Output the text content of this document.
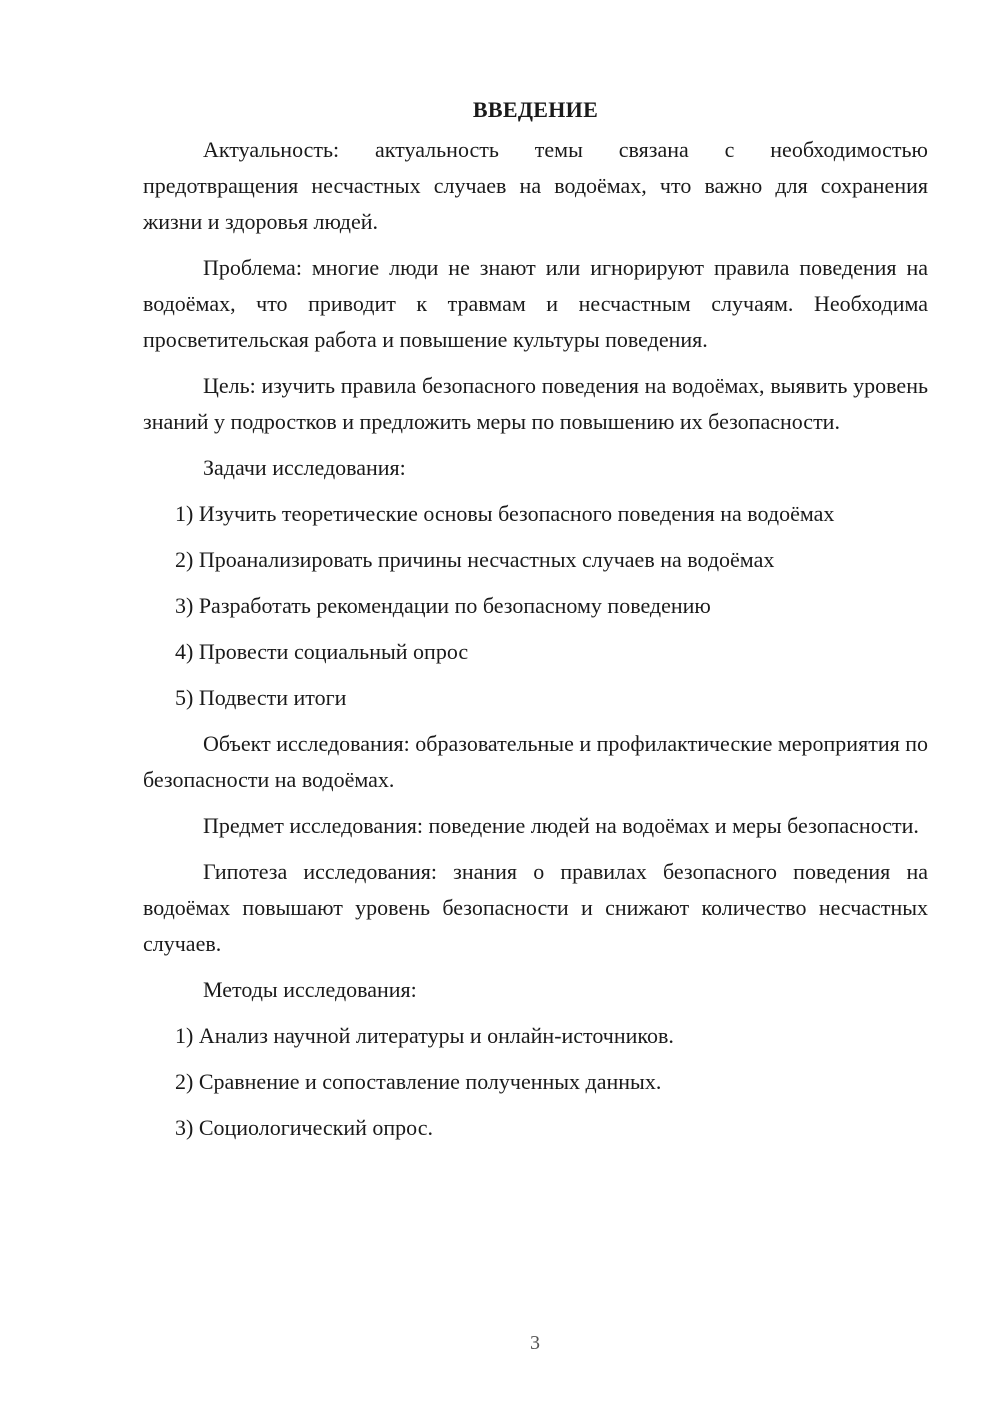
ВВЕДЕНИЕ

Актуальность: актуальность темы связана с необходимостью предотвращения несчастных случаев на водоёмах, что важно для сохранения жизни и здоровья людей.

Проблема: многие люди не знают или игнорируют правила поведения на водоёмах, что приводит к травмам и несчастным случаям. Необходима просветительская работа и повышение культуры поведения.

Цель: изучить правила безопасного поведения на водоёмах, выявить уровень знаний у подростков и предложить меры по повышению их безопасности.

Задачи исследования:

1) Изучить теоретические основы безопасного поведения на водоёмах
2) Проанализировать причины несчастных случаев на водоёмах
3) Разработать рекомендации по безопасному поведению
4) Провести социальный опрос
5) Подвести итоги

Объект исследования: образовательные и профилактические мероприятия по безопасности на водоёмах.

Предмет исследования: поведение людей на водоёмах и меры безопасности.

Гипотеза исследования: знания о правилах безопасного поведения на водоёмах повышают уровень безопасности и снижают количество несчастных случаев.

Методы исследования:

1) Анализ научной литературы и онлайн-источников.
2) Сравнение и сопоставление полученных данных.
3) Социологический опрос.
3
